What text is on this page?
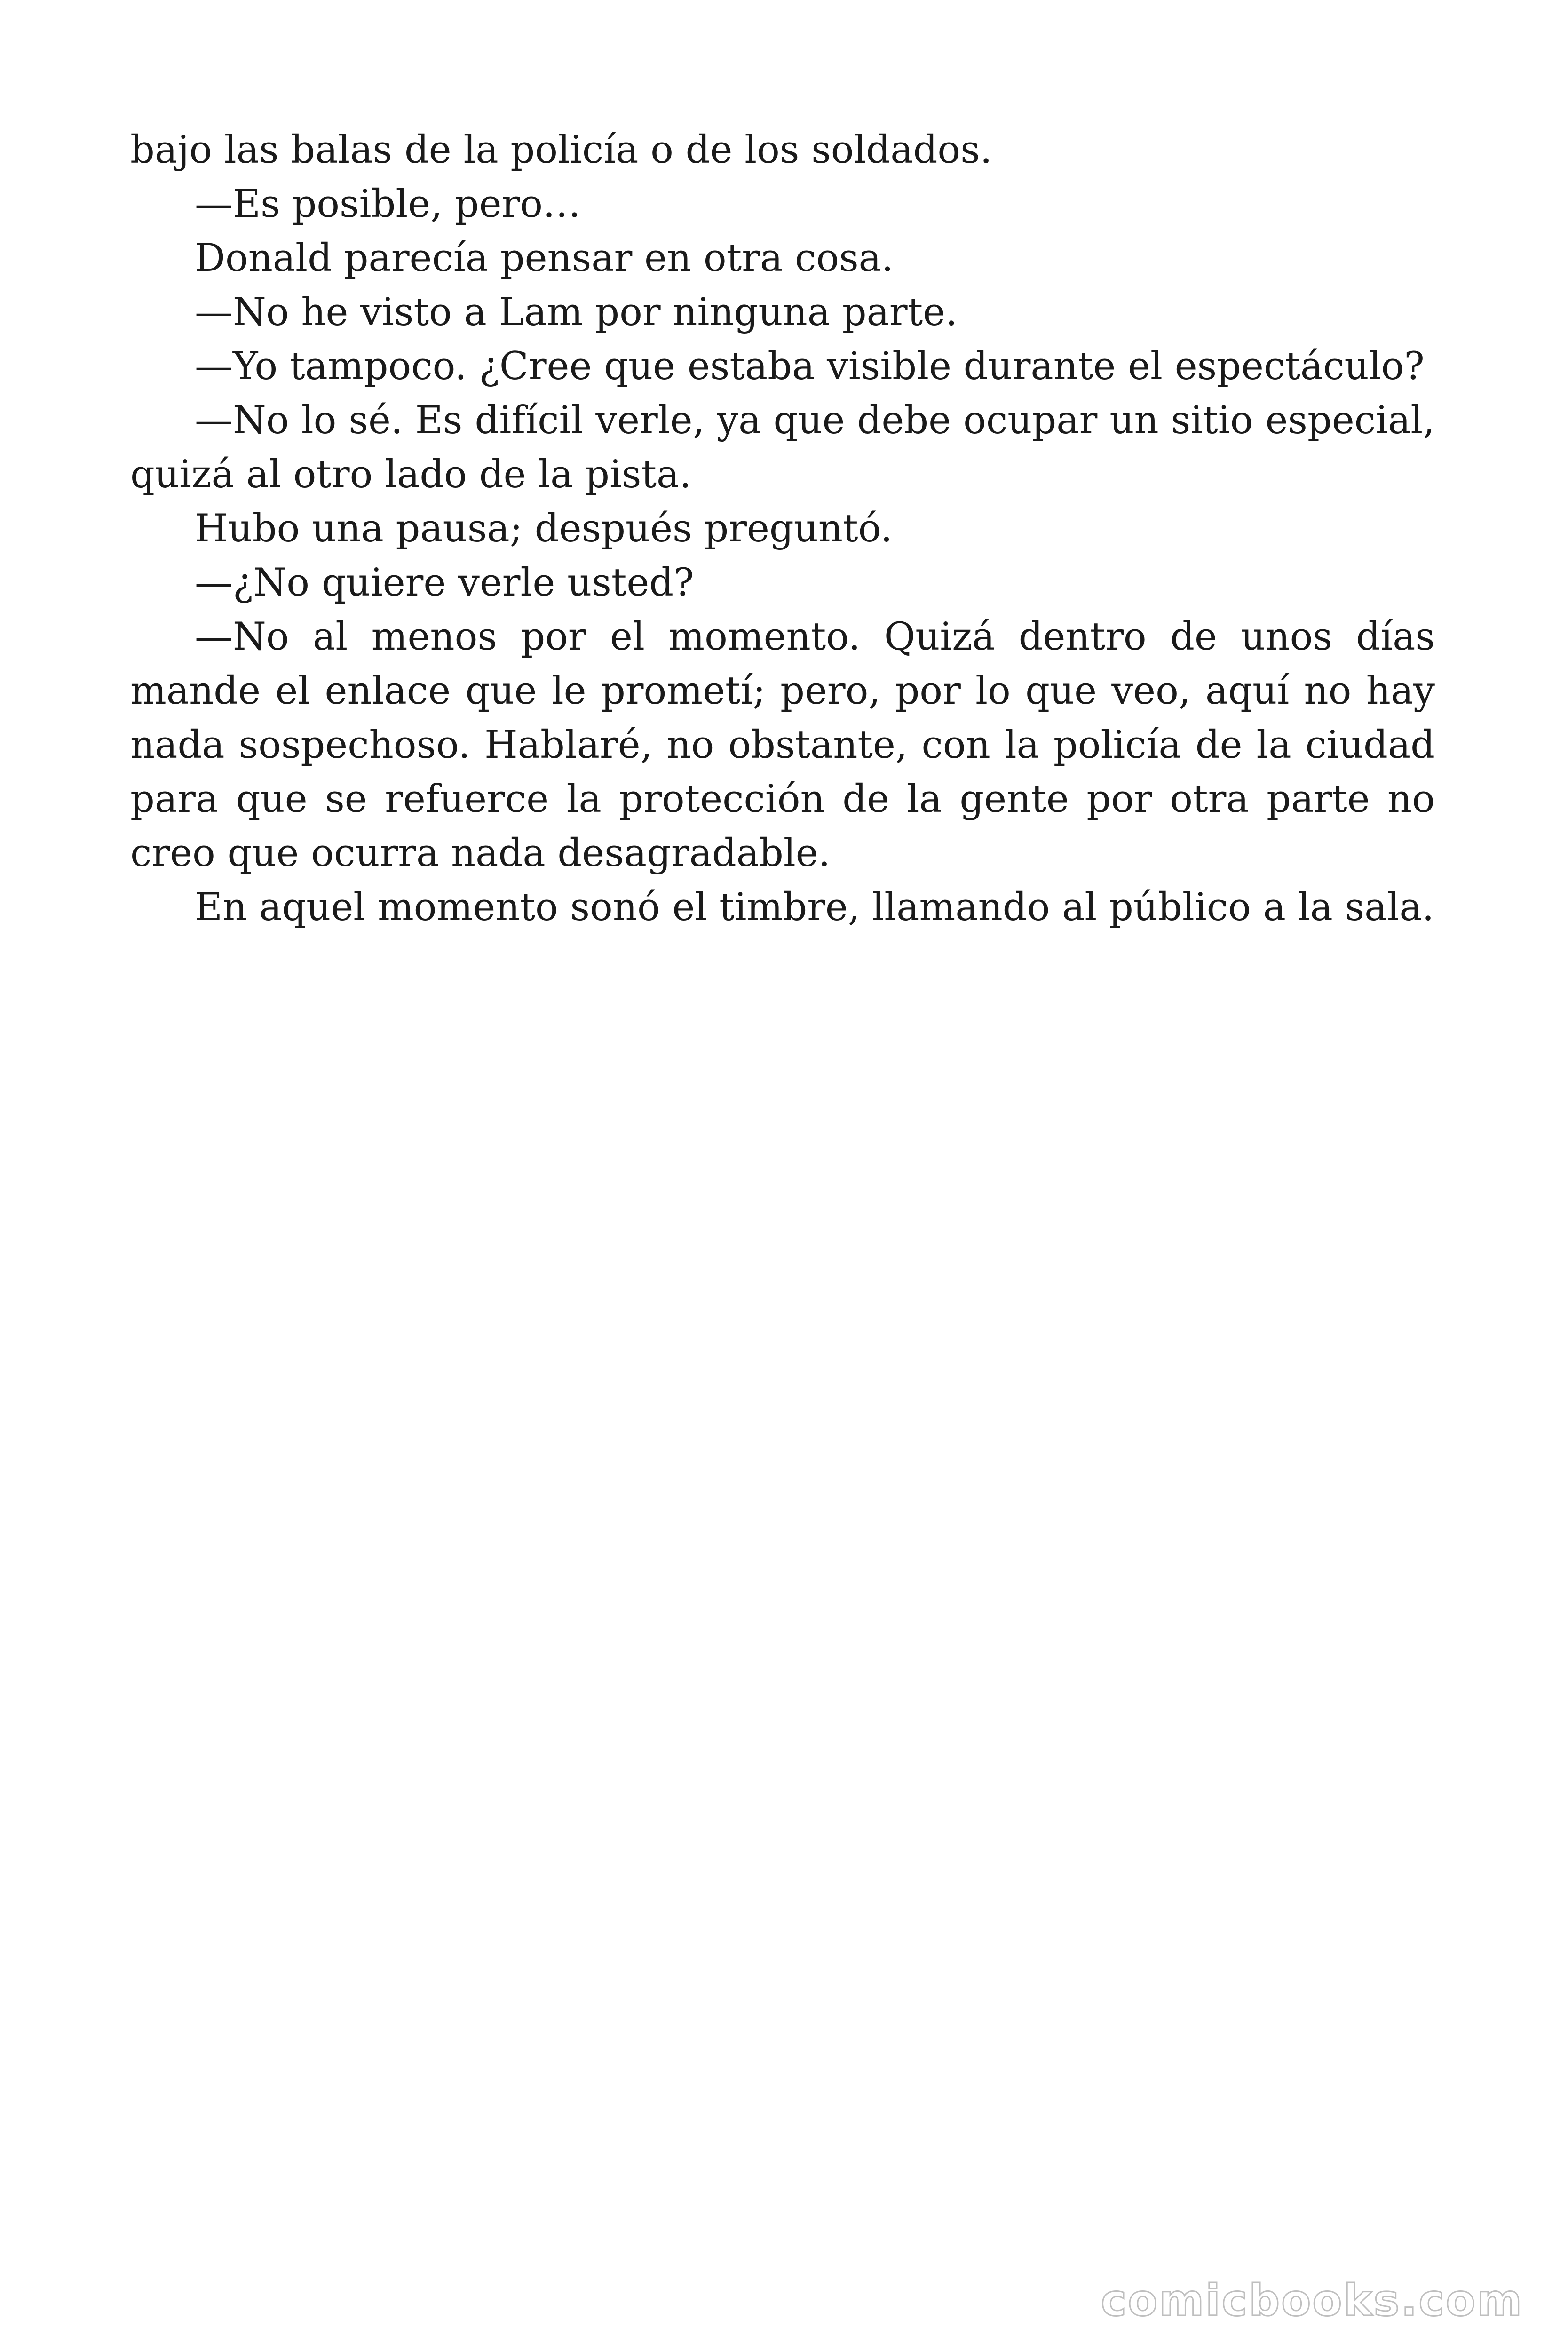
bajo las balas de la policía o de los soldados.

—Es posible, pero…

Donald parecía pensar en otra cosa.

—No he visto a Lam por ninguna parte.

—Yo tampoco. ¿Cree que estaba visible durante el espectáculo?

—No lo sé. Es difícil verle, ya que debe ocupar un sitio especial, quizá al otro lado de la pista.

Hubo una pausa; después preguntó.

—¿No quiere verle usted?

—No al menos por el momento. Quizá dentro de unos días mande el enlace que le prometí; pero, por lo que veo, aquí no hay nada sospechoso. Hablaré, no obstante, con la policía de la ciudad para que se refuerce la protección de la gente por otra parte no creo que ocurra nada desagradable.

En aquel momento sonó el timbre, llamando al público a la sala.

comicbooks.com
